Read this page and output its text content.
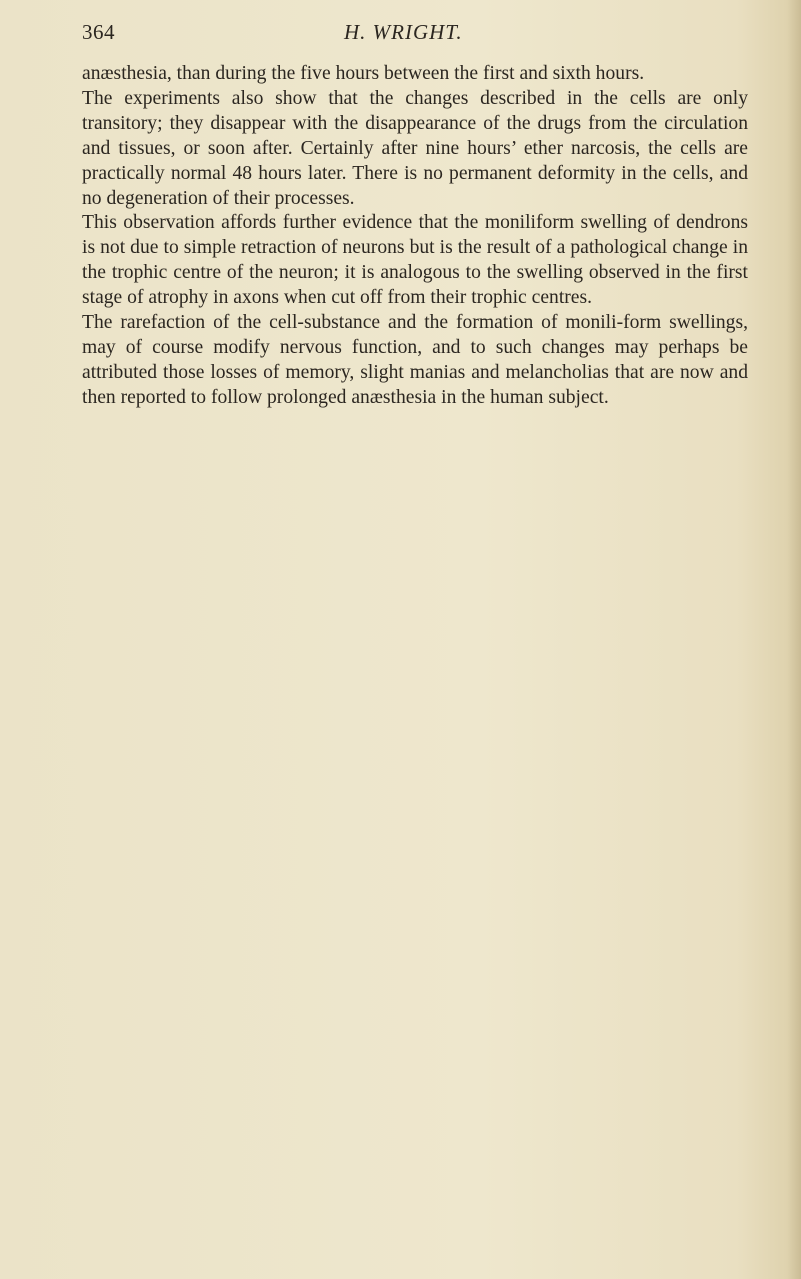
364	H. WRIGHT.

anæsthesia, than during the five hours between the first and sixth hours.

The experiments also show that the changes described in the cells are only transitory; they disappear with the disappearance of the drugs from the circulation and tissues, or soon after. Certainly after nine hours’ ether narcosis, the cells are practically normal 48 hours later. There is no permanent deformity in the cells, and no degeneration of their processes.

This observation affords further evidence that the moniliform swelling of dendrons is not due to simple retraction of neurons but is the result of a pathological change in the trophic centre of the neuron; it is analogous to the swelling observed in the first stage of atrophy in axons when cut off from their trophic centres.

The rarefaction of the cell-substance and the formation of monili-form swellings, may of course modify nervous function, and to such changes may perhaps be attributed those losses of memory, slight manias and melancholias that are now and then reported to follow prolonged anæsthesia in the human subject.
